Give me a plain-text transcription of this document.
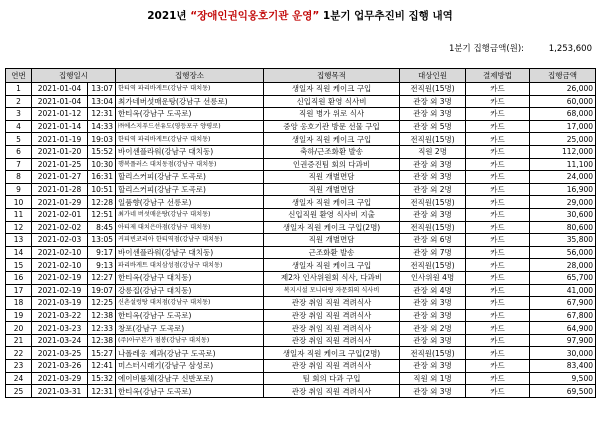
2021년 “장애인권익옹호기관 운영” 1분기 업무추진비 집행 내역
1분기 집행금액(원):	1,253,600
연번	집행일시		집행장소	집행목적	대상인원	결제방법	집행금액
1	2021-01-04	13:07	한티역 파리바게트(강남구 대치동)	생일자 직원 케이크 구입	전직원(15명)	카드	26,000
2	2021-01-04	13:04	최가네버섯매운탕(강남구 선릉로)	신입직원 환영 식사비	관장 외 3명	카드	60,000
3	2021-01-12	12:31	한티옥(강남구 도곡로)	직원 병가 위로 식사	관장 외 3명	카드	68,000
4	2021-01-14	14:33	㈜에스지푸드선유도(영등포구 양평로)	중앙 옹호기관 방문 선물 구입	관장 외 5명	카드	17,000
5	2021-01-19	19:03	한티역 파리바게트(강남구 대치동)	생일자 직원 케이크 구입	전직원(15명)	카드	25,000
6	2021-01-20	15:52	바이센플라워(강남구 대치동)	축하/근조화환 발송	직원 2명	카드	112,000
7	2021-01-25	10:30	행복플러스 대치동점(강남구 대치동)	인권증진팀 회의 다과비	관장 외 3명	카드	11,100
8	2021-01-27	16:31	할리스커피(강남구 도곡로)	직원 개별면담	관장 외 3명	카드	24,000
9	2021-01-28	10:51	할리스커피(강남구 도곡로)	직원 개별면담	관장 외 2명	카드	16,900
10	2021-01-29	12:28	일품향(강남구 선릉로)	생일자 직원 케이크 구입	전직원(15명)	카드	29,000
11	2021-02-01	12:51	최가네 버섯매운탕(강남구 대치동)	신입직원 환영 식사비 지출	관장 외 3명	카드	30,600
12	2021-02-02	8:45	아티제 대치은마점(강남구 대치동)	생일자 직원 케이크 구입(2명)	전직원(15명)	카드	80,600
13	2021-02-03	13:05	커피빈코리아 한티역점(강남구 대치동)	직원 개별면담	관장 외 6명	카드	35,800
14	2021-02-10	9:17	바이센플라워(강남구 대치동)	근조화환 발송	관장 외 7명	카드	56,000
15	2021-02-10	9:13	파리바게트 대치삼성점(강남구 대치동)	생일자 직원 케이크 구입	전직원(15명)	카드	28,000
16	2021-02-19	12:27	한티옥(강남구 대치동)	제2차 인사위원회 식사, 다과비	인사위원 4명	카드	65,700
17	2021-02-19	19:07	강릉집(강남구 대치동)	복지시설 모니터링 자문회의 식사비	관장 외 4명	카드	41,000
18	2021-03-19	12:25	신촌설렁탕 대치점(강남구 대치동)	관장 취임 직원 격려식사	관장 외 3명	카드	67,900
19	2021-03-22	12:38	한티옥(강남구 도곡로)	관장 취임 직원 격려식사	관장 외 3명	카드	67,800
20	2021-03-23	12:33	창포(강남구 도곡로)	관장 취임 직원 격려식사	관장 외 2명	카드	64,900
21	2021-03-24	12:38	(주)아구본가 점봉(강남구 대치동)	관장 취임 직원 격려식사	관장 외 3명	카드	97,900
22	2021-03-25	15:27	나폴레옹 제과(강남구 도곡로)	생일자 직원 케이크 구입(2명)	전직원(15명)	카드	30,000
23	2021-03-26	12:41	미스터시래기(강남구 삼성로)	관장 취임 직원 격려식사	관장 외 3명	카드	83,400
24	2021-03-29	15:32	에이비룸체(강남구 신반포로)	팀 회의 다과 구입	직원 외 1명	카드	9,500
25	2021-03-31	12:31	한티옥(강남구 도곡로)	관장 취임 직원 격려식사	관장 외 3명	카드	69,500
